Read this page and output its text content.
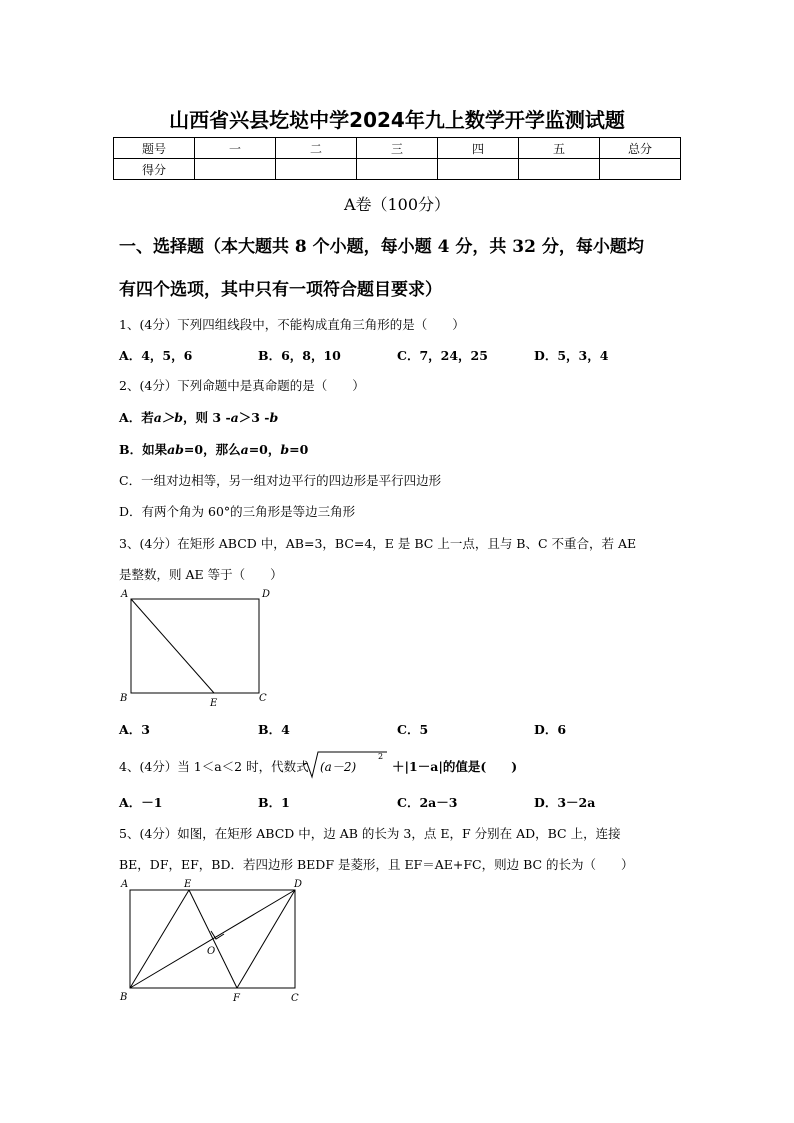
山西省兴县圪垯中学2024年九上数学开学监测试题
题号	一	二	三	四	五	总分
得分						
A卷（100分）
一、选择题（本大题共 8 个小题，每小题 4 分，共 32 分，每小题均
有四个选项，其中只有一项符合题目要求）
1、(4分）下列四组线段中，不能构成直角三角形的是（　　）
A．4，5，6	B．6，8，10	C．7，24，25	D．5，3，4
2、(4分）下列命题中是真命题的是（　　）
A．若a＞b，则 3 -a＞3 -b
B．如果ab=0，那么a=0，b=0
C．一组对边相等，另一组对边平行的四边形是平行四边形
D．有两个角为 60°的三角形是等边三角形
3、(4分）在矩形 ABCD 中，AB=3，BC=4，E 是 BC 上一点，且与 B、C 不重合，若 AE
是整数，则 AE 等于（　　）
A	D
B	E	C
A．3	B．4	C．5	D．6
4、(4分）当 1＜a＜2 时，代数式 (a－2)
2
＋|1－a|的值是(　　)
A．－1	B．1	C．2a－3	D．3－2a
5、(4分）如图，在矩形 ABCD 中，边 AB 的长为 3，点 E，F 分别在 AD，BC 上，连接
BE，DF，EF，BD．若四边形 BEDF 是菱形，且 EF＝AE+FC，则边 BC 的长为（　　）
A	E	D
O
B	F	C
